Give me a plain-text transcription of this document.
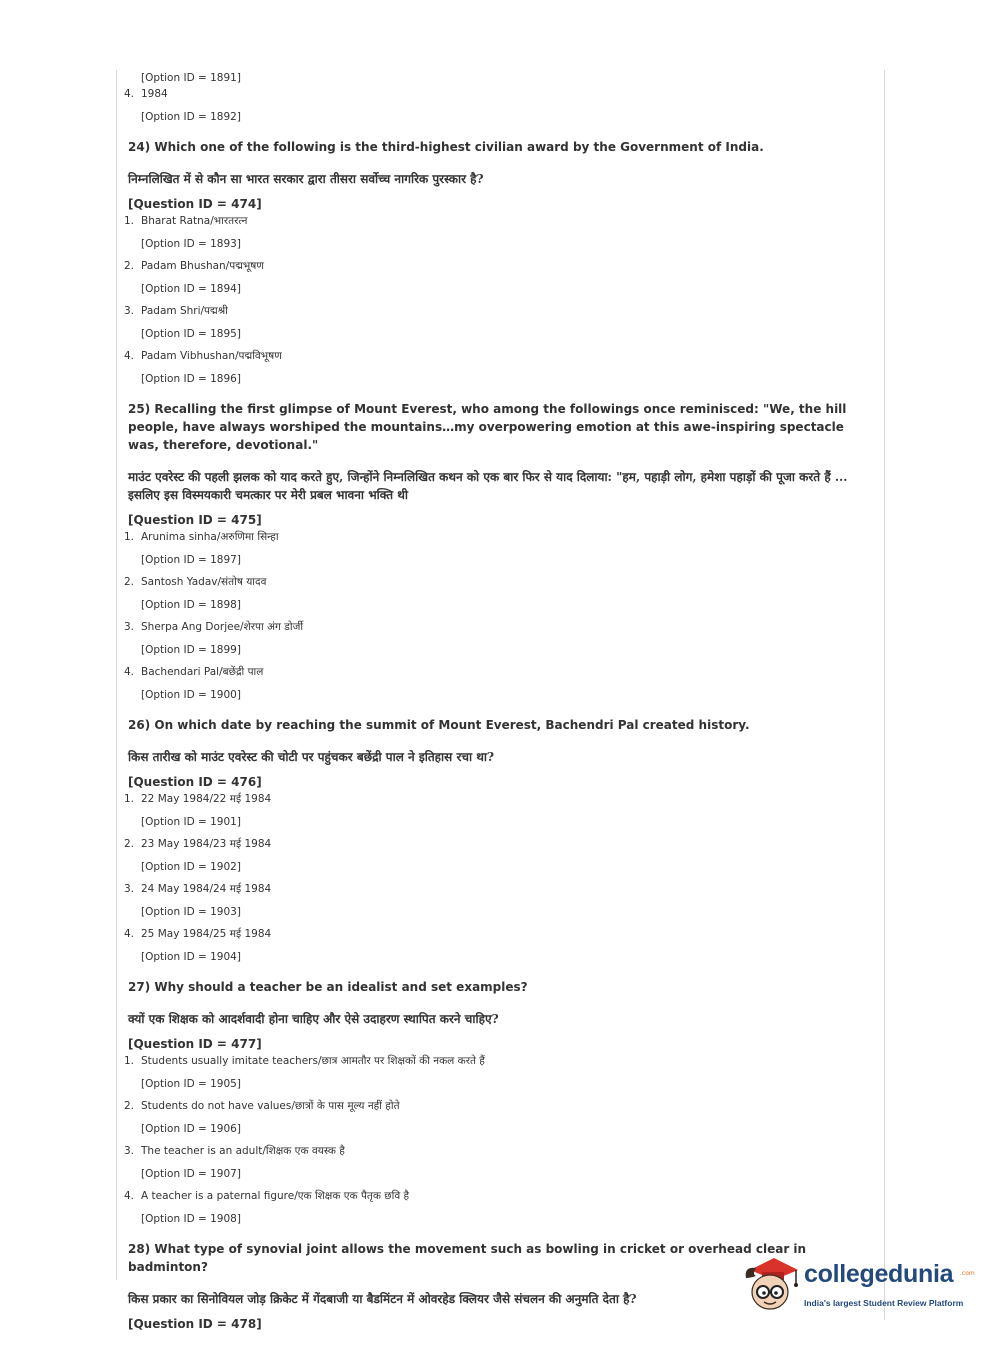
[Option ID = 1891]
4. 1984
[Option ID = 1892]
24) Which one of the following is the third-highest civilian award by the Government of India.
निम्नलिखित में से कौन सा भारत सरकार द्वारा तीसरा सर्वोच्च नागरिक पुरस्कार है?
[Question ID = 474]
1. Bharat Ratna/भारतरत्न
[Option ID = 1893]
2. Padam Bhushan/पद्मभूषण
[Option ID = 1894]
3. Padam Shri/पद्मश्री
[Option ID = 1895]
4. Padam Vibhushan/पद्मविभूषण
[Option ID = 1896]
25) Recalling the first glimpse of Mount Everest, who among the followings once reminisced: "We, the hill people, have always worshiped the mountains…my overpowering emotion at this awe-inspiring spectacle was, therefore, devotional."
माउंट एवरेस्ट की पहली झलक को याद करते हुए, जिन्होंने निम्नलिखित कथन को एक बार फिर से याद दिलाया: "हम, पहाड़ी लोग, हमेशा पहाड़ों की पूजा करते हैं ... इसलिए इस विस्मयकारी चमत्कार पर मेरी प्रबल भावना भक्ति थी
[Question ID = 475]
1. Arunima sinha/अरुणिमा सिन्हा
[Option ID = 1897]
2. Santosh Yadav/संतोष यादव
[Option ID = 1898]
3. Sherpa Ang Dorjee/शेरपा अंग डोर्जी
[Option ID = 1899]
4. Bachendari Pal/बछेंद्री पाल
[Option ID = 1900]
26) On which date by reaching the summit of Mount Everest, Bachendri Pal created history.
किस तारीख को माउंट एवरेस्ट की चोटी पर पहुंचकर बछेंद्री पाल ने इतिहास रचा था?
[Question ID = 476]
1. 22 May 1984/22 मई 1984
[Option ID = 1901]
2. 23 May 1984/23 मई 1984
[Option ID = 1902]
3. 24 May 1984/24 मई 1984
[Option ID = 1903]
4. 25 May 1984/25 मई 1984
[Option ID = 1904]
27) Why should a teacher be an idealist and set examples?
क्यों एक शिक्षक को आदर्शवादी होना चाहिए और ऐसे उदाहरण स्थापित करने चाहिए?
[Question ID = 477]
1. Students usually imitate teachers/छात्र आमतौर पर शिक्षकों की नकल करते हैं
[Option ID = 1905]
2. Students do not have values/छात्रों के पास मूल्य नहीं होते
[Option ID = 1906]
3. The teacher is an adult/शिक्षक एक वयस्क है
[Option ID = 1907]
4. A teacher is a paternal figure/एक शिक्षक एक पैतृक छवि है
[Option ID = 1908]
28) What type of synovial joint allows the movement such as bowling in cricket or overhead clear in badminton?
किस प्रकार का सिनोवियल जोड़ क्रिकेट में गेंदबाजी या बैडमिंटन में ओवरहेड क्लियर जैसे संचलन की अनुमति देता है?
[Question ID = 478]
collegedunia .com
India's largest Student Review Platform
